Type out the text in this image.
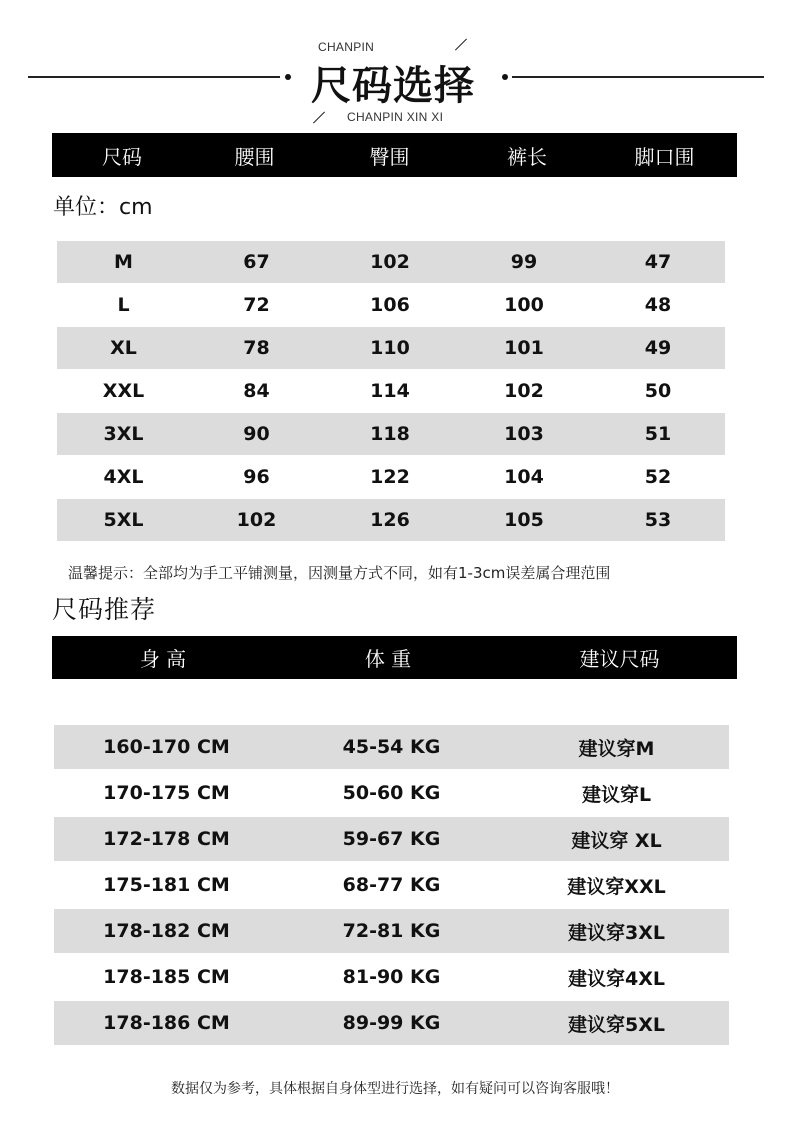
CHANPIN
尺码选择
CHANPIN XIN XI
尺码	腰围	臀围	裤长	脚口围
单位：cm
M	67	102	99	47
L	72	106	100	48
XL	78	110	101	49
XXL	84	114	102	50
3XL	90	118	103	51
4XL	96	122	104	52
5XL	102	126	105	53
温馨提示：全部均为手工平铺测量，因测量方式不同，如有1-3cm误差属合理范围
尺码推荐
身 高	体 重	建议尺码
160-170 CM	45-54 KG	建议穿M
170-175 CM	50-60 KG	建议穿L
172-178 CM	59-67 KG	建议穿 XL
175-181 CM	68-77 KG	建议穿XXL
178-182 CM	72-81 KG	建议穿3XL
178-185 CM	81-90 KG	建议穿4XL
178-186 CM	89-99 KG	建议穿5XL
数据仅为参考，具体根据自身体型进行选择，如有疑问可以咨询客服哦！
